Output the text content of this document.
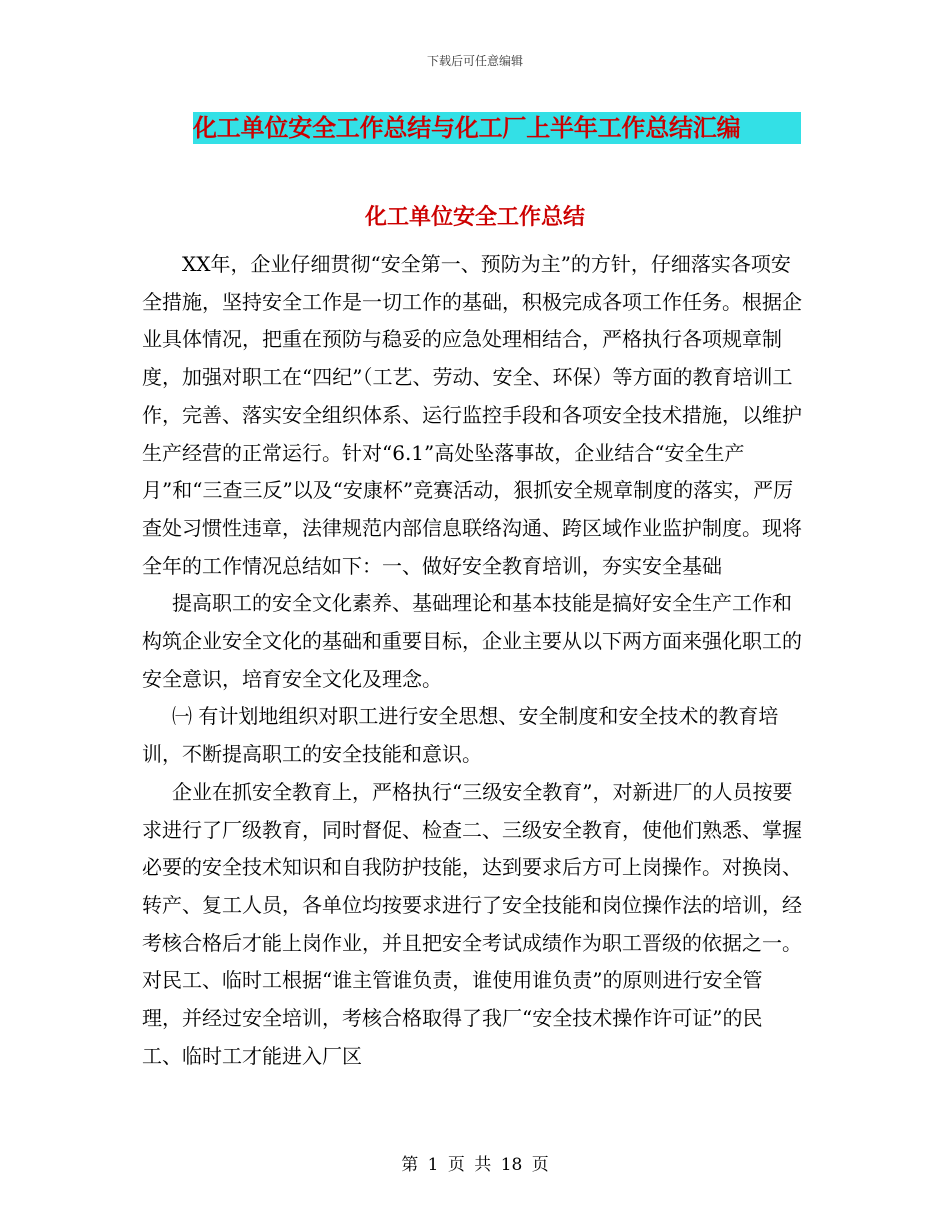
下载后可任意编辑
化工单位安全工作总结与化工厂上半年工作总结汇编
化工单位安全工作总结

XX年，企业仔细贯彻“安全第一、预防为主”的方针，仔细落实各项安全措施，坚持安全工作是一切工作的基础，积极完成各项工作任务。根据企业具体情况，把重在预防与稳妥的应急处理相结合，严格执行各项规章制度，加强对职工在“四纪”（工艺、劳动、安全、环保）等方面的教育培训工作，完善、落实安全组织体系、运行监控手段和各项安全技术措施，以维护生产经营的正常运行。针对“6.1”高处坠落事故，企业结合“安全生产月”和“三查三反”以及“安康杯”竞赛活动，狠抓安全规章制度的落实，严厉查处习惯性违章，法律规范内部信息联络沟通、跨区域作业监护制度。现将全年的工作情况总结如下：一、做好安全教育培训，夯实安全基础

提高职工的安全文化素养、基础理论和基本技能是搞好安全生产工作和构筑企业安全文化的基础和重要目标，企业主要从以下两方面来强化职工的安全意识，培育安全文化及理念。

㈠ 有计划地组织对职工进行安全思想、安全制度和安全技术的教育培训，不断提高职工的安全技能和意识。

企业在抓安全教育上，严格执行“三级安全教育”，对新进厂的人员按要求进行了厂级教育，同时督促、检查二、三级安全教育，使他们熟悉、掌握必要的安全技术知识和自我防护技能，达到要求后方可上岗操作。对换岗、转产、复工人员，各单位均按要求进行了安全技能和岗位操作法的培训，经考核合格后才能上岗作业，并且把安全考试成绩作为职工晋级的依据之一。对民工、临时工根据“谁主管谁负责，谁使用谁负责”的原则进行安全管理，并经过安全培训，考核合格取得了我厂“安全技术操作许可证”的民工、临时工才能进入厂区

第 1 页 共 18 页
